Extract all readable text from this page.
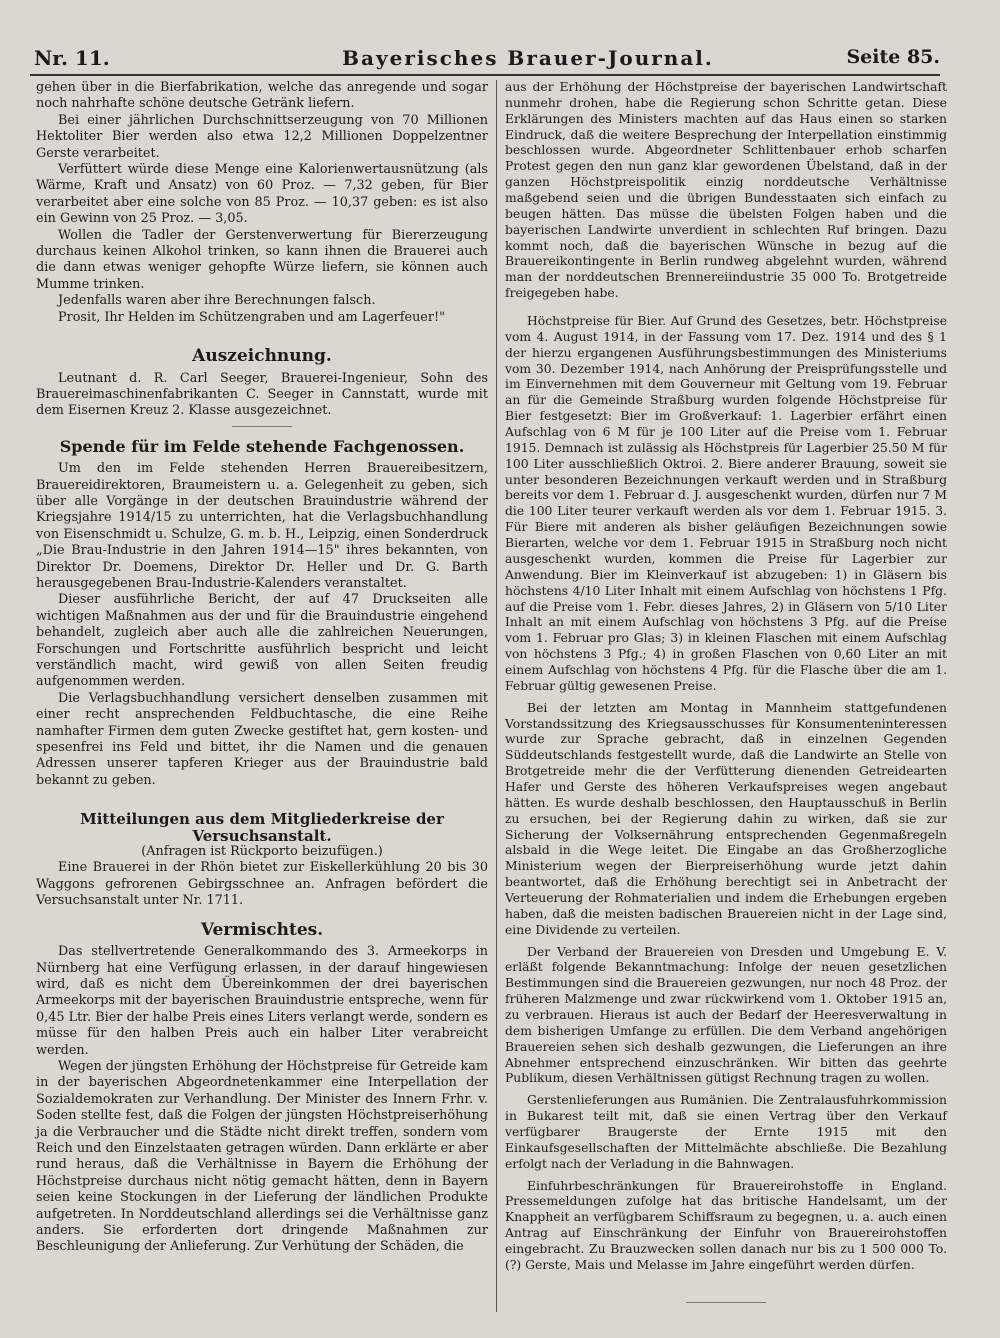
Nr. 11.	Bayerisches Brauer-Journal.	Seite 85.

gehen über in die Bierfabrikation, welche das anregende und sogar noch nahrhafte schöne deutsche Getränk liefern.

Bei einer jährlichen Durchschnittserzeugung von 70 Millionen Hektoliter Bier werden also etwa 12,2 Millionen Doppelzentner Gerste verarbeitet.

Verfüttert würde diese Menge eine Kalorienwertausnützung (als Wärme, Kraft und Ansatz) von 60 Proz. — 7,32 geben, für Bier verarbeitet aber eine solche von 85 Proz. — 10,37 geben: es ist also ein Gewinn von 25 Proz. — 3,05.

Wollen die Tadler der Gerstenverwertung für Biererzeugung durchaus keinen Alkohol trinken, so kann ihnen die Brauerei auch die dann etwas weniger gehopfte Würze liefern, sie können auch Mumme trinken.

Jedenfalls waren aber ihre Berechnungen falsch.

Prosit, Ihr Helden im Schützengraben und am Lagerfeuer!"

Auszeichnung.

Leutnant d. R. Carl Seeger, Brauerei-Ingenieur, Sohn des Brauereimaschinenfabrikanten C. Seeger in Cannstatt, wurde mit dem Eisernen Kreuz 2. Klasse ausgezeichnet.

Spende für im Felde stehende Fachgenossen.

Um den im Felde stehenden Herren Brauereibesitzern, Brauereidirektoren, Braumeistern u. a. Gelegenheit zu geben, sich über alle Vorgänge in der deutschen Brauindustrie während der Kriegsjahre 1914/15 zu unterrichten, hat die Verlagsbuchhandlung von Eisenschmidt u. Schulze, G. m. b. H., Leipzig, einen Sonderdruck „Die Brau-Industrie in den Jahren 1914—15" ihres bekannten, von Direktor Dr. Doemens, Direktor Dr. Heller und Dr. G. Barth herausgegebenen Brau-Industrie-Kalenders veranstaltet.

Dieser ausführliche Bericht, der auf 47 Druckseiten alle wichtigen Maßnahmen aus der und für die Brauindustrie eingehend behandelt, zugleich aber auch alle die zahlreichen Neuerungen, Forschungen und Fortschritte ausführlich bespricht und leicht verständlich macht, wird gewiß von allen Seiten freudig aufgenommen werden.

Die Verlagsbuchhandlung versichert denselben zusammen mit einer recht ansprechenden Feldbuchtasche, die eine Reihe namhafter Firmen dem guten Zwecke gestiftet hat, gern kosten- und spesenfrei ins Feld und bittet, ihr die Namen und die genauen Adressen unserer tapferen Krieger aus der Brauindustrie bald bekannt zu geben.

Mitteilungen aus dem Mitgliederkreise der Versuchsanstalt.

(Anfragen ist Rückporto beizufügen.)

Eine Brauerei in der Rhön bietet zur Eiskellerkühlung 20 bis 30 Waggons gefrorenen Gebirgsschnee an. Anfragen befördert die Versuchsanstalt unter Nr. 1711.

Vermischtes.

Das stellvertretende Generalkommando des 3. Armeekorps in Nürnberg hat eine Verfügung erlassen, in der darauf hingewiesen wird, daß es nicht dem Übereinkommen der drei bayerischen Armeekorps mit der bayerischen Brauindustrie entspreche, wenn für 0,45 Ltr. Bier der halbe Preis eines Liters verlangt werde, sondern es müsse für den halben Preis auch ein halber Liter verabreicht werden.

Wegen der jüngsten Erhöhung der Höchstpreise für Getreide kam in der bayerischen Abgeordnetenkammer eine Interpellation der Sozialdemokraten zur Verhandlung. Der Minister des Innern Frhr. v. Soden stellte fest, daß die Folgen der jüngsten Höchstpreiserhöhung ja die Verbraucher und die Städte nicht direkt treffen, sondern vom Reich und den Einzelstaaten getragen würden. Dann erklärte er aber rund heraus, daß die Verhältnisse in Bayern die Erhöhung der Höchstpreise durchaus nicht nötig gemacht hätten, denn in Bayern seien keine Stockungen in der Lieferung der ländlichen Produkte aufgetreten. In Norddeutschland allerdings sei die Verhältnisse ganz anders. Sie erforderten dort dringende Maßnahmen zur Beschleunigung der Anlieferung. Zur Verhütung der Schäden, die

aus der Erhöhung der Höchstpreise der bayerischen Landwirtschaft nunmehr drohen, habe die Regierung schon Schritte getan. Diese Erklärungen des Ministers machten auf das Haus einen so starken Eindruck, daß die weitere Besprechung der Interpellation einstimmig beschlossen wurde. Abgeordneter Schlittenbauer erhob scharfen Protest gegen den nun ganz klar gewordenen Übelstand, daß in der ganzen Höchstpreispolitik einzig norddeutsche Verhältnisse maßgebend seien und die übrigen Bundesstaaten sich einfach zu beugen hätten. Das müsse die übelsten Folgen haben und die bayerischen Landwirte unverdient in schlechten Ruf bringen. Dazu kommt noch, daß die bayerischen Wünsche in bezug auf die Brauereikontingente in Berlin rundweg abgelehnt wurden, während man der norddeutschen Brennereiindustrie 35 000 To. Brotgetreide freigegeben habe.

Höchstpreise für Bier. Auf Grund des Gesetzes, betr. Höchstpreise vom 4. August 1914, in der Fassung vom 17. Dez. 1914 und des § 1 der hierzu ergangenen Ausführungsbestimmungen des Ministeriums vom 30. Dezember 1914, nach Anhörung der Preisprüfungsstelle und im Einvernehmen mit dem Gouverneur mit Geltung vom 19. Februar an für die Gemeinde Straßburg wurden folgende Höchstpreise für Bier festgesetzt: Bier im Großverkauf: 1. Lagerbier erfährt einen Aufschlag von 6 M für je 100 Liter auf die Preise vom 1. Februar 1915. Demnach ist zulässig als Höchstpreis für Lagerbier 25.50 M für 100 Liter ausschließlich Oktroi. 2. Biere anderer Brauung, soweit sie unter besonderen Bezeichnungen verkauft werden und in Straßburg bereits vor dem 1. Februar d. J. ausgeschenkt wurden, dürfen nur 7 M die 100 Liter teurer verkauft werden als vor dem 1. Februar 1915. 3. Für Biere mit anderen als bisher geläufigen Bezeichnungen sowie Bierarten, welche vor dem 1. Februar 1915 in Straßburg noch nicht ausgeschenkt wurden, kommen die Preise für Lagerbier zur Anwendung. Bier im Kleinverkauf ist abzugeben: 1) in Gläsern bis höchstens 4/10 Liter Inhalt mit einem Aufschlag von höchstens 1 Pfg. auf die Preise vom 1. Febr. dieses Jahres, 2) in Gläsern von 5/10 Liter Inhalt an mit einem Aufschlag von höchstens 3 Pfg. auf die Preise vom 1. Februar pro Glas; 3) in kleinen Flaschen mit einem Aufschlag von höchstens 3 Pfg.; 4) in großen Flaschen von 0,60 Liter an mit einem Aufschlag von höchstens 4 Pfg. für die Flasche über die am 1. Februar gültig gewesenen Preise.

Bei der letzten am Montag in Mannheim stattgefundenen Vorstandssitzung des Kriegsausschusses für Konsumenteninteressen wurde zur Sprache gebracht, daß in einzelnen Gegenden Süddeutschlands festgestellt wurde, daß die Landwirte an Stelle von Brotgetreide mehr die der Verfütterung dienenden Getreidearten Hafer und Gerste des höheren Verkaufspreises wegen angebaut hätten. Es wurde deshalb beschlossen, den Hauptausschuß in Berlin zu ersuchen, bei der Regierung dahin zu wirken, daß sie zur Sicherung der Volksernährung entsprechenden Gegenmaßregeln alsbald in die Wege leitet. Die Eingabe an das Großherzogliche Ministerium wegen der Bierpreiserhöhung wurde jetzt dahin beantwortet, daß die Erhöhung berechtigt sei in Anbetracht der Verteuerung der Rohmaterialien und indem die Erhebungen ergeben haben, daß die meisten badischen Brauereien nicht in der Lage sind, eine Dividende zu verteilen.

Der Verband der Brauereien von Dresden und Umgebung E. V. erläßt folgende Bekanntmachung: Infolge der neuen gesetzlichen Bestimmungen sind die Brauereien gezwungen, nur noch 48 Proz. der früheren Malzmenge und zwar rückwirkend vom 1. Oktober 1915 an, zu verbrauen. Hieraus ist auch der Bedarf der Heeresverwaltung in dem bisherigen Umfange zu erfüllen. Die dem Verband angehörigen Brauereien sehen sich deshalb gezwungen, die Lieferungen an ihre Abnehmer entsprechend einzuschränken. Wir bitten das geehrte Publikum, diesen Verhältnissen gütigst Rechnung tragen zu wollen.

Gerstenlieferungen aus Rumänien. Die Zentralausfuhrkommission in Bukarest teilt mit, daß sie einen Vertrag über den Verkauf verfügbarer Braugerste der Ernte 1915 mit den Einkaufsgesellschaften der Mittelmächte abschließe. Die Bezahlung erfolgt nach der Verladung in die Bahnwagen.

Einfuhrbeschränkungen für Brauereirohstoffe in England. Pressemeldungen zufolge hat das britische Handelsamt, um der Knappheit an verfügbarem Schiffsraum zu begegnen, u. a. auch einen Antrag auf Einschränkung der Einfuhr von Brauereirohstoffen eingebracht. Zu Brauzwecken sollen danach nur bis zu 1 500 000 To. (?) Gerste, Mais und Melasse im Jahre eingeführt werden dürfen.
